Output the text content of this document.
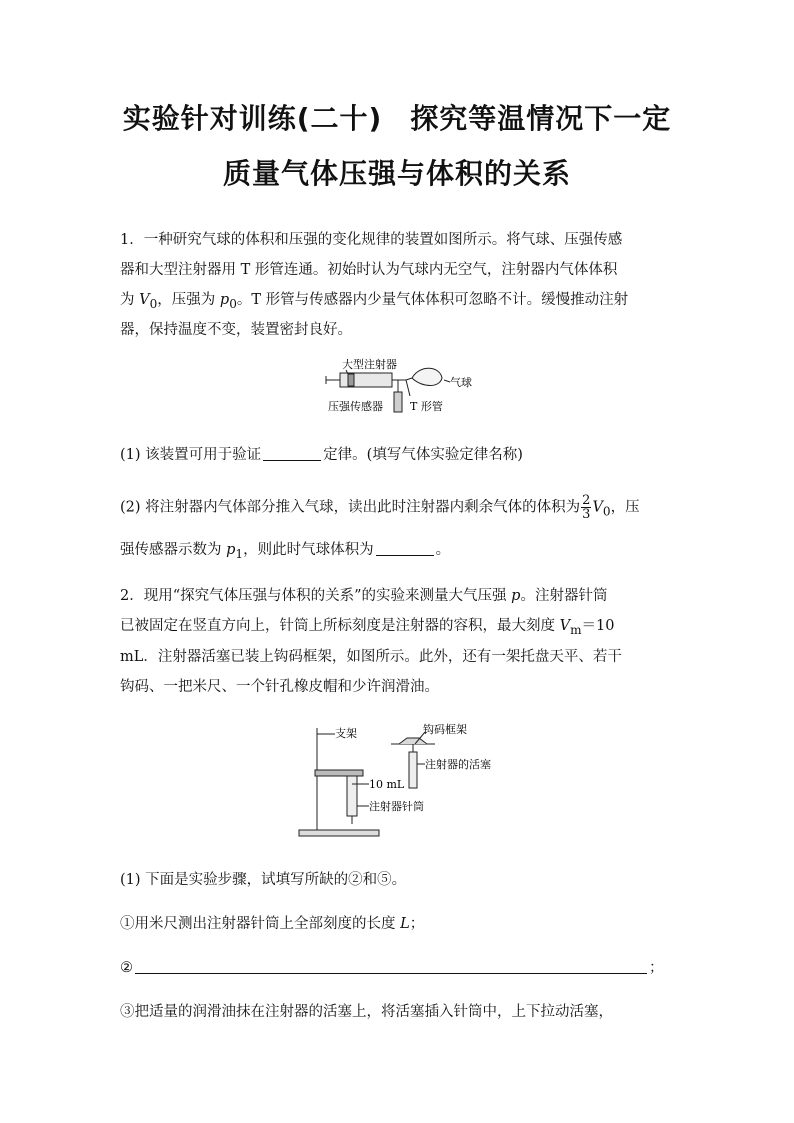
实验针对训练(二十) 探究等温情况下一定
质量气体压强与体积的关系
1．一种研究气球的体积和压强的变化规律的装置如图所示。将气球、压强传感
器和大型注射器用 T 形管连通。初始时认为气球内无空气，注射器内气体体积
为 $V_0$，压强为 $p_0$。T 形管与传感器内少量气体体积可忽略不计。缓慢推动注射
器，保持温度不变，装置密封良好。
大型注射器
气球
压强传感器 T 形管
(1) 该装置可用于验证	定律。(填写气体实验定律名称)
(2) 将注射器内气体部分推入气球，读出此时注射器内剩余气体的体积为 $\frac{2}{3} V_0$，压
强传感器示数为 $p_1$，则此时气球体积为	。
2．现用“探究气体压强与体积的关系”的实验来测量大气压强 p。注射器针筒
已被固定在竖直方向上，针筒上所标刻度是注射器的容积，最大刻度 $V_m=10$
mL．注射器活塞已装上钩码框架，如图所示。此外，还有一架托盘天平、若干
钩码、一把米尺、一个针孔橡皮帽和少许润滑油。
支架	钩码框架
注射器的活塞
10 mL
注射器针筒
(1) 下面是实验步骤，试填写所缺的②和⑤。
①用米尺测出注射器针筒上全部刻度的长度 L；
②	；
③把适量的润滑油抹在注射器的活塞上，将活塞插入针筒中，上下拉动活塞，
